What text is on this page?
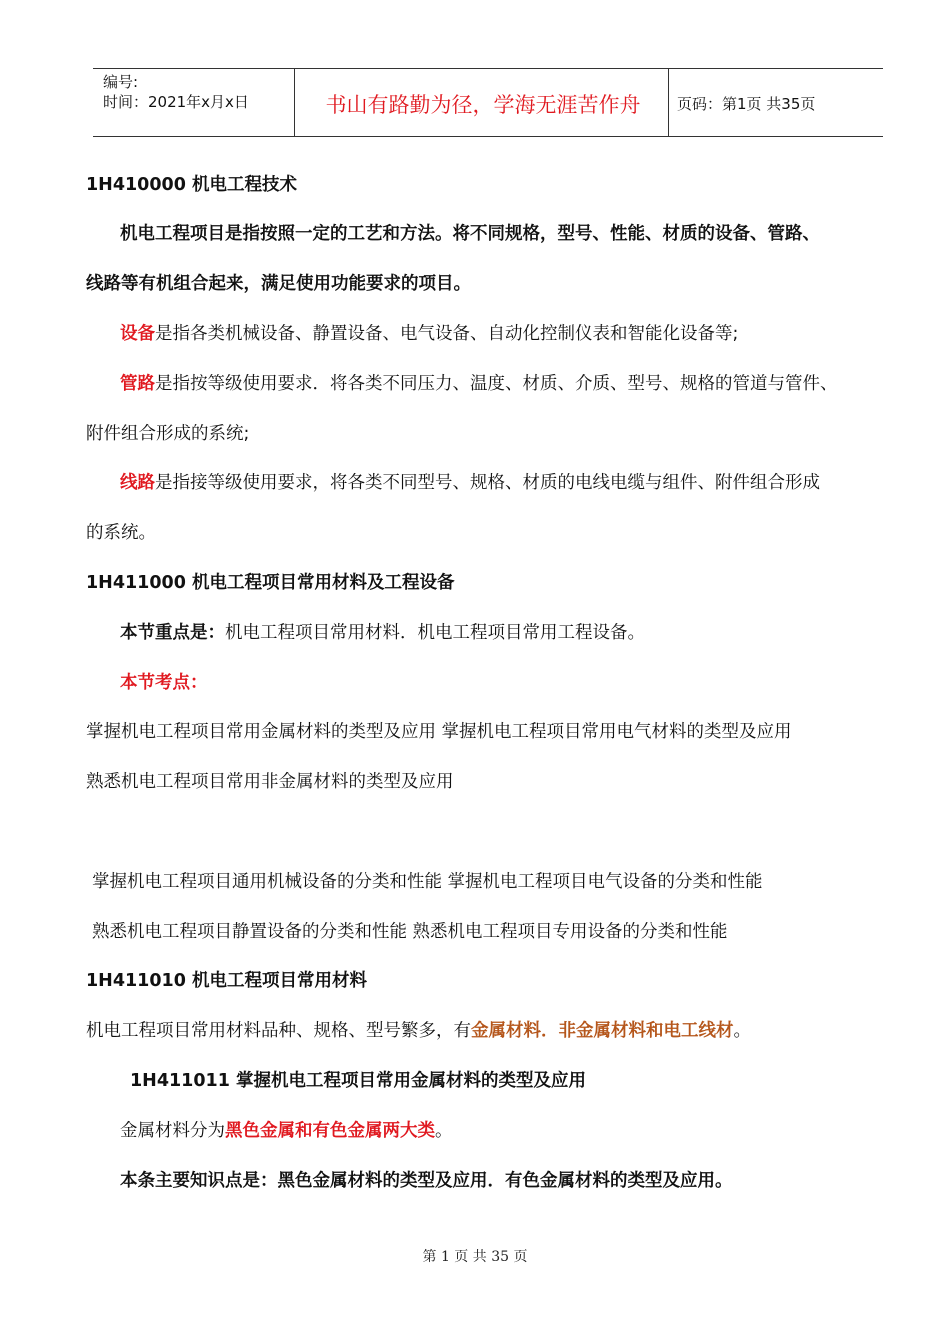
编号:
时间：2021年x月x日	书山有路勤为径，学海无涯苦作舟	页码：第1页 共35页
1H410000 机电工程技术
机电工程项目是指按照一定的工艺和方法。将不同规格，型号、性能、材质的设备、管路、
线路等有机组合起来，满足使用功能要求的项目。
设备是指各类机械设备、静置设备、电气设备、自动化控制仪表和智能化设备等;
管路是指按等级使用要求．将各类不同压力、温度、材质、介质、型号、规格的管道与管件、
附件组合形成的系统;
线路是指接等级使用要求，将各类不同型号、规格、材质的电线电缆与组件、附件组合形成
的系统。
1H411000 机电工程项目常用材料及工程设备
本节重点是：机电工程项目常用材料．机电工程项目常用工程设备。
本节考点：
掌握机电工程项目常用金属材料的类型及应用 掌握机电工程项目常用电气材料的类型及应用
熟悉机电工程项目常用非金属材料的类型及应用
掌握机电工程项目通用机械设备的分类和性能 掌握机电工程项目电气设备的分类和性能
熟悉机电工程项目静置设备的分类和性能 熟悉机电工程项目专用设备的分类和性能
1H411010 机电工程项目常用材料
机电工程项目常用材料品种、规格、型号繁多，有金属材料．非金属材料和电工线材。
1H411011 掌握机电工程项目常用金属材料的类型及应用
金属材料分为黑色金属和有色金属两大类。
本条主要知识点是：黑色金属材料的类型及应用．有色金属材料的类型及应用。
第 1 页 共 35 页
